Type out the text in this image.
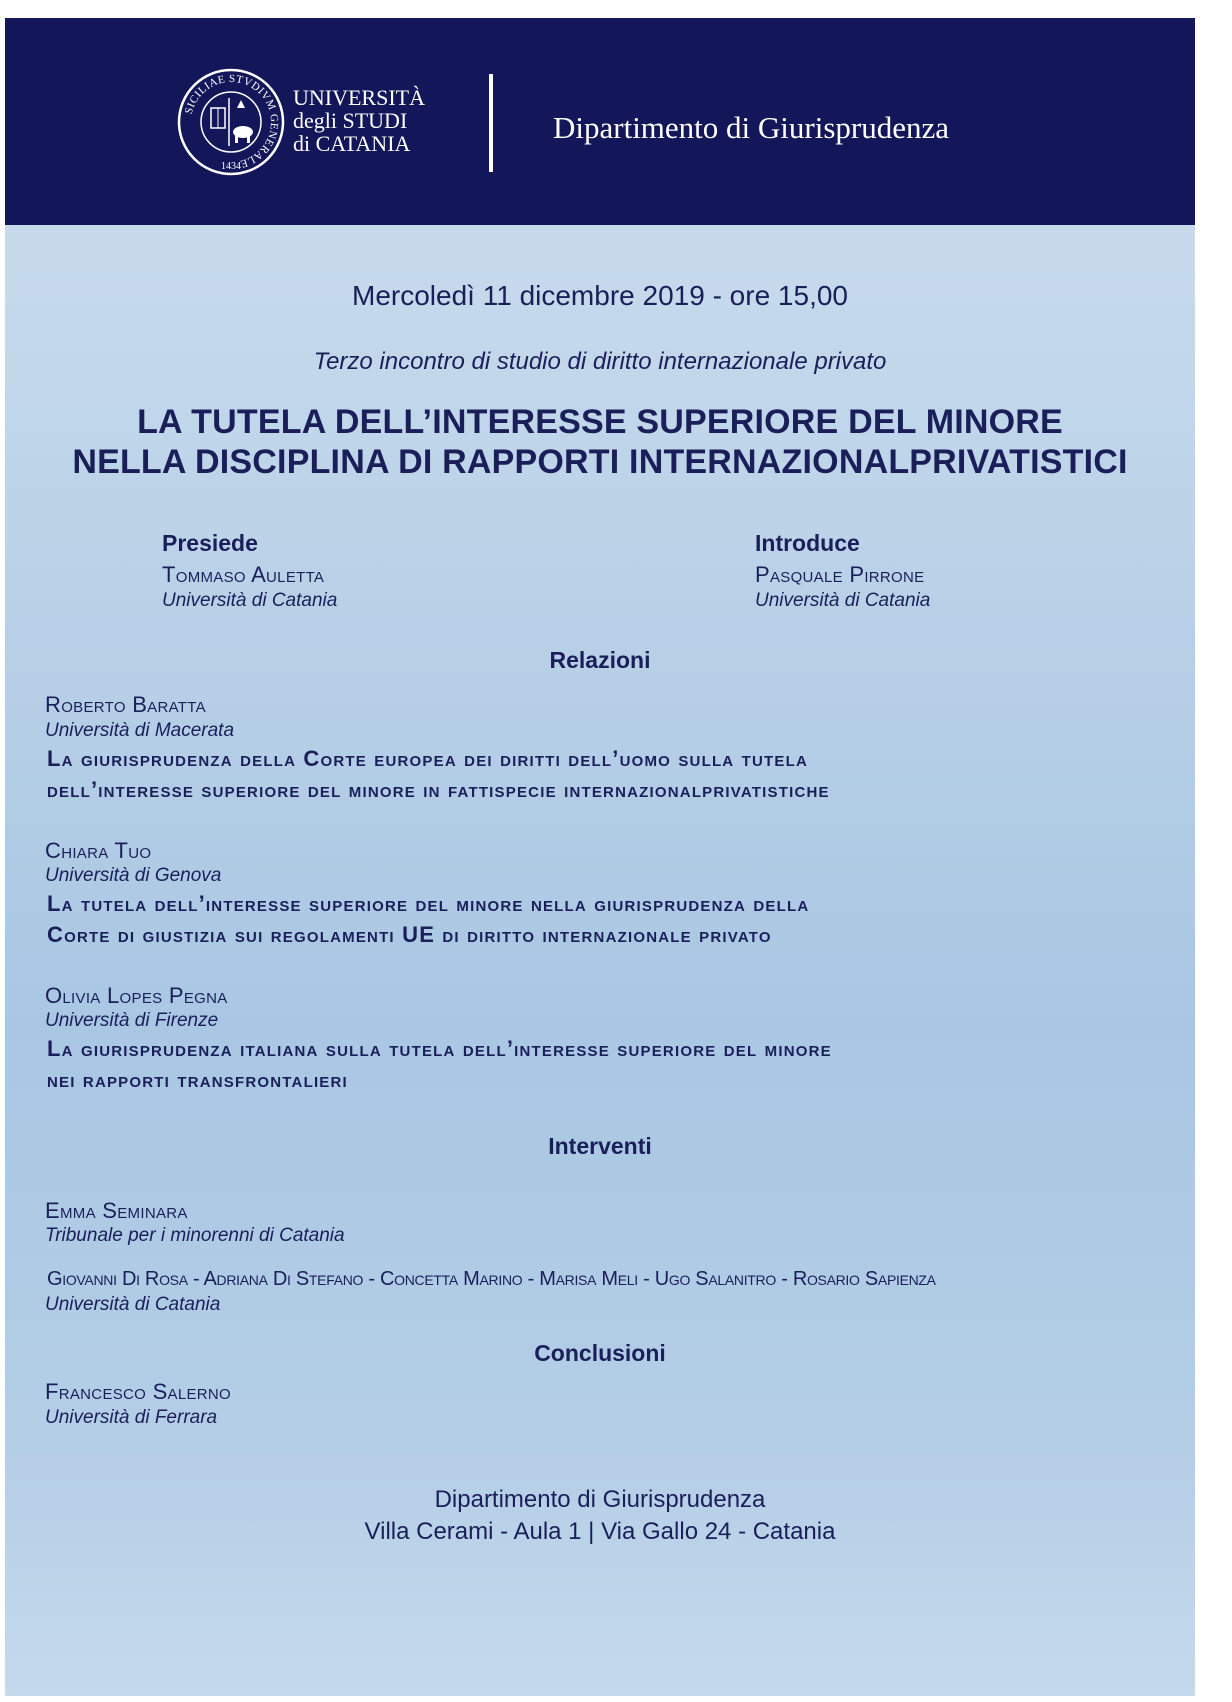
SICILIAE STVDIVM GENERALE
1434
UNIVERSITÀ
degli STUDI
di CATANIA	Dipartimento di Giurisprudenza
Mercoledì 11 dicembre 2019 - ore 15,00
Terzo incontro di studio di diritto internazionale privato
LA TUTELA DELL’INTERESSE SUPERIORE DEL MINORE
NELLA DISCIPLINA DI RAPPORTI INTERNAZIONALPRIVATISTICI
Presiede
Tommaso Auletta
Università di Catania
Introduce
Pasquale Pirrone
Università di Catania
Relazioni
Roberto Baratta
Università di Macerata
La giurisprudenza della Corte europea dei diritti dell’uomo sulla tutela
dell’interesse superiore del minore in fattispecie internazionalprivatistiche
Chiara Tuo
Università di Genova
La tutela dell’interesse superiore del minore nella giurisprudenza della
Corte di giustizia sui regolamenti UE di diritto internazionale privato
Olivia Lopes Pegna
Università di Firenze
La giurisprudenza italiana sulla tutela dell’interesse superiore del minore
nei rapporti transfrontalieri
Interventi
Emma Seminara
Tribunale per i minorenni di Catania
Giovanni Di Rosa - Adriana Di Stefano - Concetta Marino - Marisa Meli - Ugo Salanitro - Rosario Sapienza
Università di Catania
Conclusioni
Francesco Salerno
Università di Ferrara
Dipartimento di Giurisprudenza
Villa Cerami - Aula 1 | Via Gallo 24 - Catania
